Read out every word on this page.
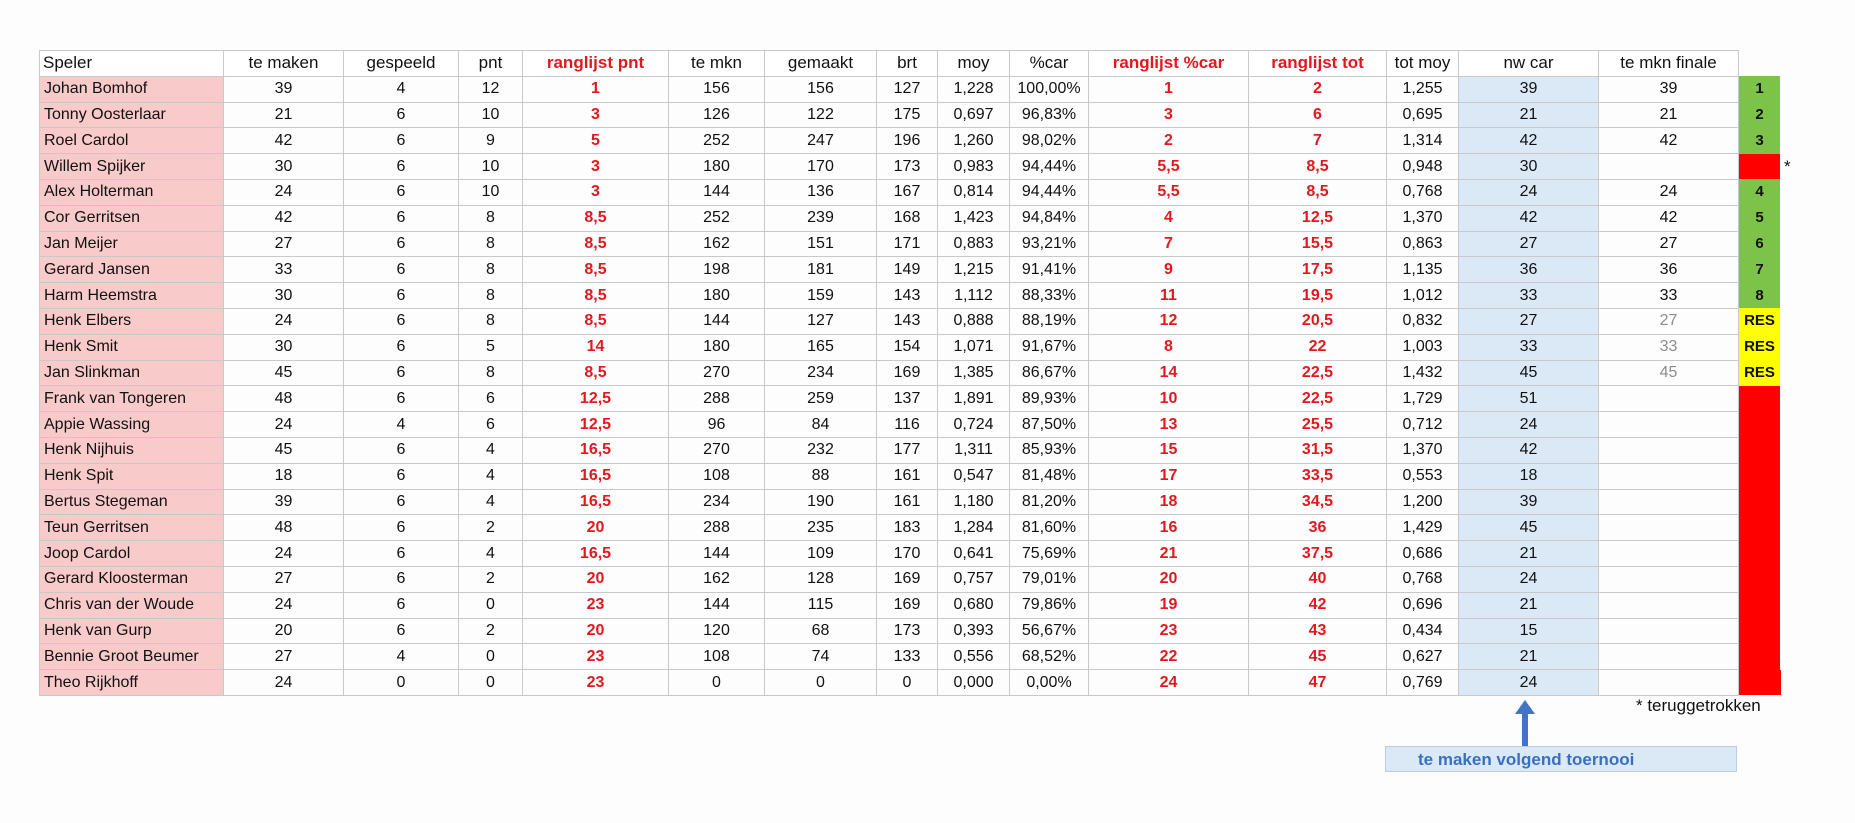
Speler	te maken	gespeeld	pnt	ranglijst pnt	te mkn	gemaakt	brt	moy	%car	ranglijst %car	ranglijst tot	tot moy	nw car	te mkn finale	
Johan Bomhof	39	4	12	1	156	156	127	1,228	100,00%	1	2	1,255	39	39	1
Tonny Oosterlaar	21	6	10	3	126	122	175	0,697	96,83%	3	6	0,695	21	21	2
Roel Cardol	42	6	9	5	252	247	196	1,260	98,02%	2	7	1,314	42	42	3
Willem Spijker	30	6	10	3	180	170	173	0,983	94,44%	5,5	8,5	0,948	30		
Alex Holterman	24	6	10	3	144	136	167	0,814	94,44%	5,5	8,5	0,768	24	24	4
Cor Gerritsen	42	6	8	8,5	252	239	168	1,423	94,84%	4	12,5	1,370	42	42	5
Jan Meijer	27	6	8	8,5	162	151	171	0,883	93,21%	7	15,5	0,863	27	27	6
Gerard Jansen	33	6	8	8,5	198	181	149	1,215	91,41%	9	17,5	1,135	36	36	7
Harm Heemstra	30	6	8	8,5	180	159	143	1,112	88,33%	11	19,5	1,012	33	33	8
Henk Elbers	24	6	8	8,5	144	127	143	0,888	88,19%	12	20,5	0,832	27	27	RES
Henk Smit	30	6	5	14	180	165	154	1,071	91,67%	8	22	1,003	33	33	RES
Jan Slinkman	45	6	8	8,5	270	234	169	1,385	86,67%	14	22,5	1,432	45	45	RES
Frank van Tongeren	48	6	6	12,5	288	259	137	1,891	89,93%	10	22,5	1,729	51		
Appie Wassing	24	4	6	12,5	96	84	116	0,724	87,50%	13	25,5	0,712	24		
Henk Nijhuis	45	6	4	16,5	270	232	177	1,311	85,93%	15	31,5	1,370	42		
Henk Spit	18	6	4	16,5	108	88	161	0,547	81,48%	17	33,5	0,553	18		
Bertus Stegeman	39	6	4	16,5	234	190	161	1,180	81,20%	18	34,5	1,200	39		
Teun Gerritsen	48	6	2	20	288	235	183	1,284	81,60%	16	36	1,429	45		
Joop Cardol	24	6	4	16,5	144	109	170	0,641	75,69%	21	37,5	0,686	21		
Gerard Kloosterman	27	6	2	20	162	128	169	0,757	79,01%	20	40	0,768	24		
Chris van der Woude	24	6	0	23	144	115	169	0,680	79,86%	19	42	0,696	21		
Henk van Gurp	20	6	2	20	120	68	173	0,393	56,67%	23	43	0,434	15		
Bennie Groot Beumer	27	4	0	23	108	74	133	0,556	68,52%	22	45	0,627	21		
Theo Rijkhoff	24	0	0	23	0	0	0	0,000	0,00%	24	47	0,769	24		
*
* teruggetrokken
te maken volgend toernooi
